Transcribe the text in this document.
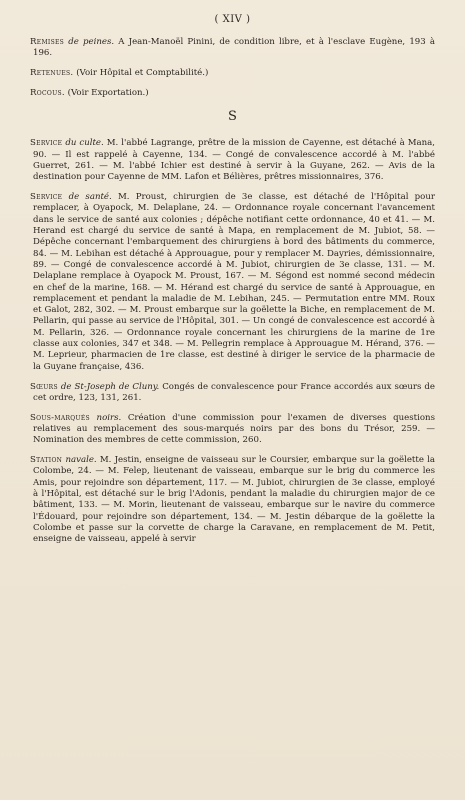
( XIV )

Remises de peines. A Jean-Manoël Pinini, de condition libre, et à l'esclave Eugène, 193 à 196.

Retenues. (Voir Hôpital et Comptabilité.)

Rocous. (Voir Exportation.)

S

Service du culte. M. l'abbé Lagrange, prêtre de la mission de Cayenne, est détaché à Mana, 90. — Il est rappelé à Cayenne, 134. — Congé de convalescence accordé à M. l'abbé Guerret, 261. — M. l'abbé Ichier est destiné à servir à la Guyane, 262. — Avis de la destination pour Cayenne de MM. Lafon et Bélières, prêtres missionnaires, 376.

Service de santé. M. Proust, chirurgien de 3e classe, est détaché de l'Hôpital pour remplacer, à Oyapock, M. Delaplane, 24. — Ordonnance royale concernant l'avancement dans le service de santé aux colonies ; dépêche notifiant cette ordonnance, 40 et 41. — M. Herand est chargé du service de santé à Mapa, en remplacement de M. Jubiot, 58. — Dépêche concernant l'embarquement des chirurgiens à bord des bâtiments du commerce, 84. — M. Lebihan est détaché à Approuague, pour y remplacer M. Dayries, démissionnaire, 89. — Congé de convalescence accordé à M. Jubiot, chirurgien de 3e classe, 131. — M. Delaplane remplace à Oyapock M. Proust, 167. — M. Ségond est nommé second médecin en chef de la marine, 168. — M. Hérand est chargé du service de santé à Approuague, en remplacement et pendant la maladie de M. Lebihan, 245. — Permutation entre MM. Roux et Galot, 282, 302. — M. Proust embarque sur la goëlette la Biche, en remplacement de M. Pellarin, qui passe au service de l'Hôpital, 301. — Un congé de convalescence est accordé à M. Pellarin, 326. — Ordonnance royale concernant les chirurgiens de la marine de 1re classe aux colonies, 347 et 348. — M. Pellegrin remplace à Approuague M. Hérand, 376. — M. Leprieur, pharmacien de 1re classe, est destiné à diriger le service de la pharmacie de la Guyane française, 436.

Sœurs de St-Joseph de Cluny. Congés de convalescence pour France accordés aux sœurs de cet ordre, 123, 131, 261.

Sous-marqués noirs. Création d'une commission pour l'examen de diverses questions relatives au remplacement des sous-marqués noirs par des bons du Trésor, 259. — Nomination des membres de cette commission, 260.

Station navale. M. Jestin, enseigne de vaisseau sur le Coursier, embarque sur la goëlette la Colombe, 24. — M. Felep, lieutenant de vaisseau, embarque sur le brig du commerce les Amis, pour rejoindre son département, 117. — M. Jubiot, chirurgien de 3e classe, employé à l'Hôpital, est détaché sur le brig l'Adonis, pendant la maladie du chirurgien major de ce bâtiment, 133. — M. Morin, lieutenant de vaisseau, embarque sur le navire du commerce l'Édouard, pour rejoindre son département, 134. — M. Jestin débarque de la goëlette la Colombe et passe sur la corvette de charge la Caravane, en remplacement de M. Petit, enseigne de vaisseau, appelé à servir
